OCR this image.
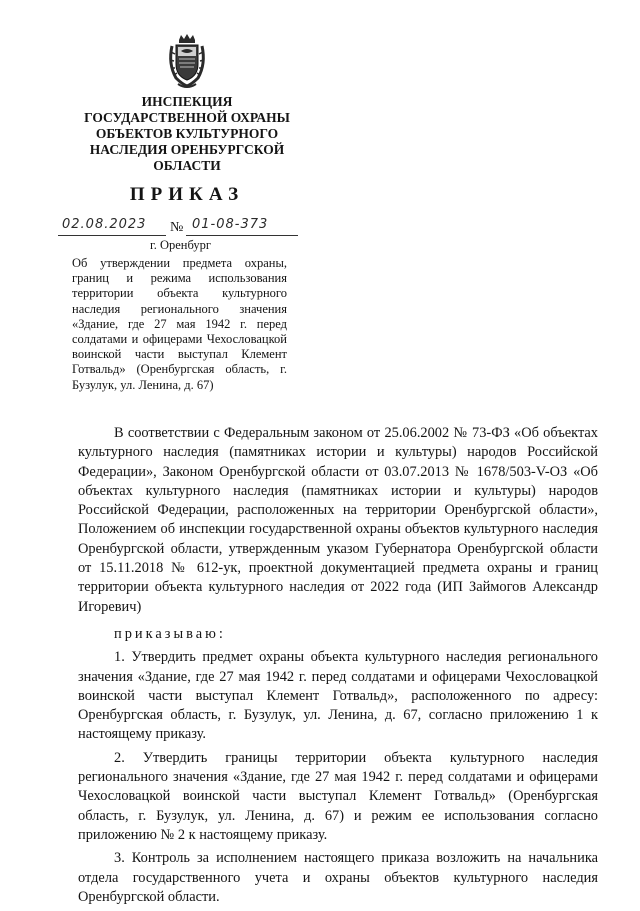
ИНСПЕКЦИЯ
ГОСУДАРСТВЕННОЙ ОХРАНЫ
ОБЪЕКТОВ КУЛЬТУРНОГО
НАСЛЕДИЯ ОРЕНБУРГСКОЙ
ОБЛАСТИ
ПРИКАЗ
02.08.2023 № 01-08-373
г. Оренбург
Об утверждении предмета охраны, границ и режима использования территории объекта культурного наследия регионального значения «Здание, где 27 мая 1942 г. перед солдатами и офицерами Чехословацкой воинской части выступал Клемент Готвальд» (Оренбургская область, г. Бузулук, ул. Ленина, д. 67)

В соответствии с Федеральным законом от 25.06.2002 № 73-ФЗ «Об объектах культурного наследия (памятниках истории и культуры) народов Российской Федерации», Законом Оренбургской области от 03.07.2013 № 1678/503-V-ОЗ «Об объектах культурного наследия (памятниках истории и культуры) народов Российской Федерации, расположенных на территории Оренбургской области», Положением об инспекции государственной охраны объектов культурного наследия Оренбургской области, утвержденным указом Губернатора Оренбургской области от 15.11.2018 № 612-ук, проектной документацией предмета охраны и границ территории объекта культурного наследия от 2022 года (ИП Займогов Александр Игоревич)

приказываю:

1. Утвердить предмет охраны объекта культурного наследия регионального значения «Здание, где 27 мая 1942 г. перед солдатами и офицерами Чехословацкой воинской части выступал Клемент Готвальд», расположенного по адресу: Оренбургская область, г. Бузулук, ул. Ленина, д. 67, согласно приложению 1 к настоящему приказу.

2. Утвердить границы территории объекта культурного наследия регионального значения «Здание, где 27 мая 1942 г. перед солдатами и офицерами Чехословацкой воинской части выступал Клемент Готвальд» (Оренбургская область, г. Бузулук, ул. Ленина, д. 67) и режим ее использования согласно приложению № 2 к настоящему приказу.

3. Контроль за исполнением настоящего приказа возложить на начальника отдела государственного учета и охраны объектов культурного наследия Оренбургской области.
